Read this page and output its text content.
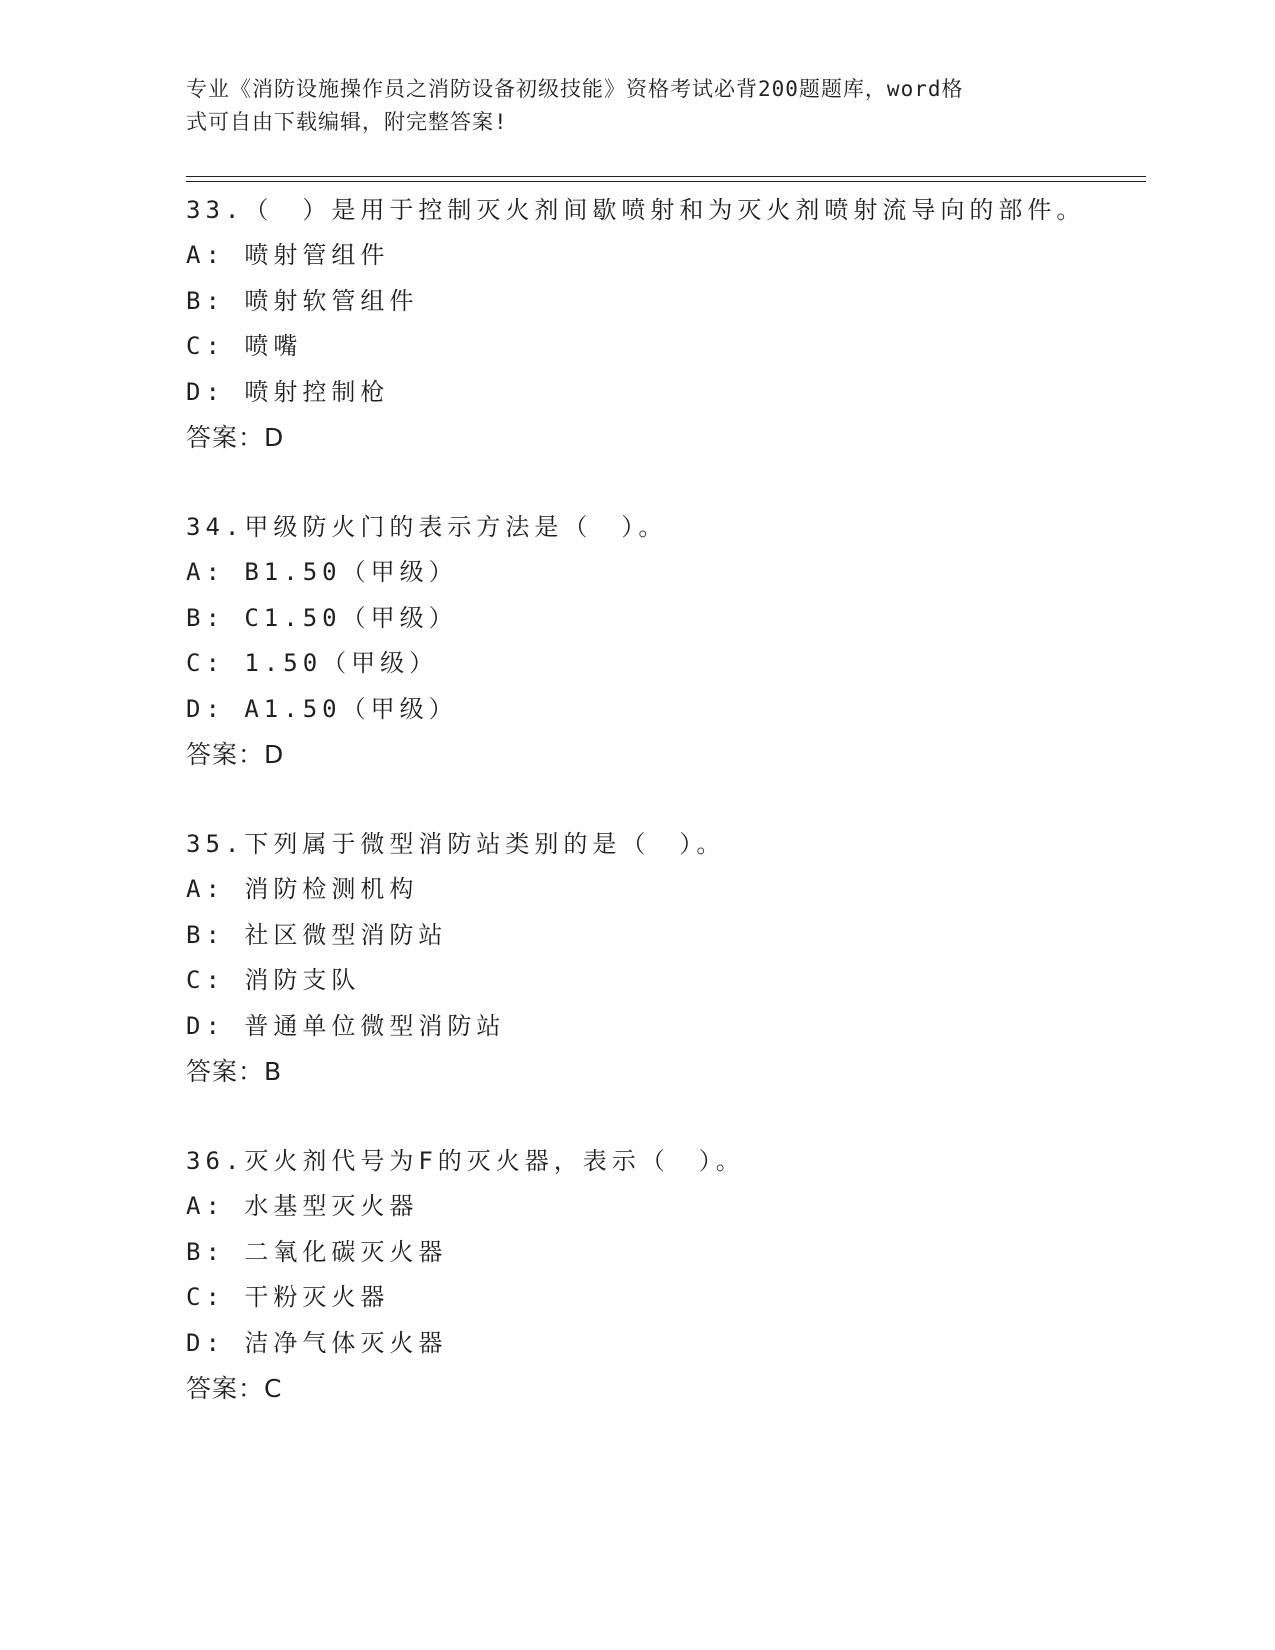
专业《消防设施操作员之消防设备初级技能》资格考试必背200题题库，word格
式可自由下载编辑，附完整答案!
33.（　）是用于控制灭火剂间歇喷射和为灭火剂喷射流导向的部件。
A: 喷射管组件
B: 喷射软管组件
C: 喷嘴
D: 喷射控制枪
答案：D
34.甲级防火门的表示方法是（　）。
A: B1.50（甲级）
B: C1.50（甲级）
C: 1.50（甲级）
D: A1.50（甲级）
答案：D
35.下列属于微型消防站类别的是（　）。
A: 消防检测机构
B: 社区微型消防站
C: 消防支队
D: 普通单位微型消防站
答案：B
36.灭火剂代号为F的灭火器，表示（　）。
A: 水基型灭火器
B: 二氧化碳灭火器
C: 干粉灭火器
D: 洁净气体灭火器
答案：C
